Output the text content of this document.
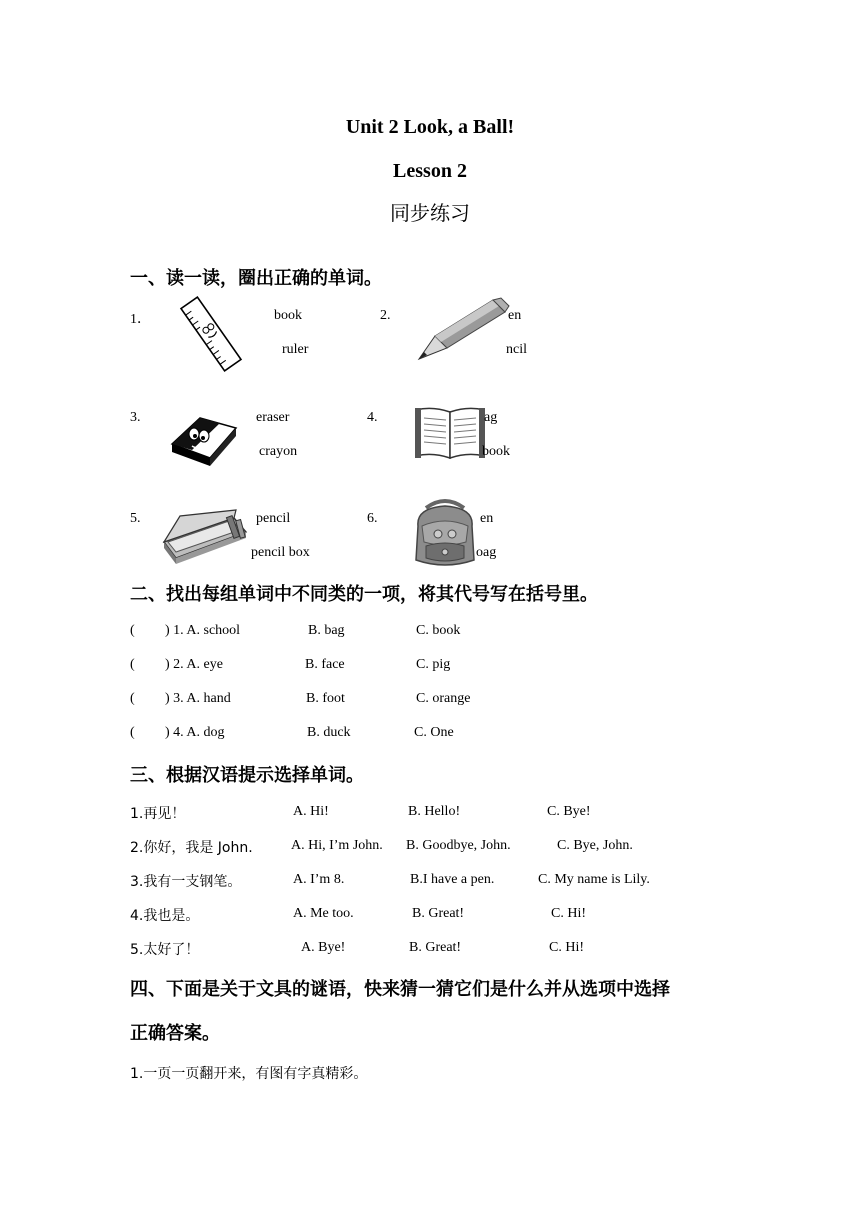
Unit 2 Look, a Ball!
Lesson 2
同步练习
一、读一读，圈出正确的单词。
1．	book
ruler
2.	en
ncil
3.	eraser
crayon
4.	ag
book
5.	pencil
pencil box
6.	en
oag
二、找出每组单词中不同类的一项，将其代号写在括号里。
( ) 1. A. school	B. bag	C. book
( ) 2. A. eye	B. face	C. pig
( ) 3. A. hand	B. foot	C. orange
( ) 4. A. dog	B. duck	C. One
三、根据汉语提示选择单词。
1.再见！	A. Hi!	B. Hello!	C. Bye!
2.你好，我是 John.	A. Hi, I’m John. B. Goodbye, John.	C. Bye, John.
3.我有一支钢笔。	A. I’m 8.	B.I have a pen.	C. My name is Lily.
4.我也是。	A. Me too.	B. Great!	C. Hi!
5.太好了！	A. Bye!	B. Great!	C. Hi!
四、下面是关于文具的谜语，快来猜一猜它们是什么并从选项中选择
正确答案。
1.一页一页翻开来，有图有字真精彩。
